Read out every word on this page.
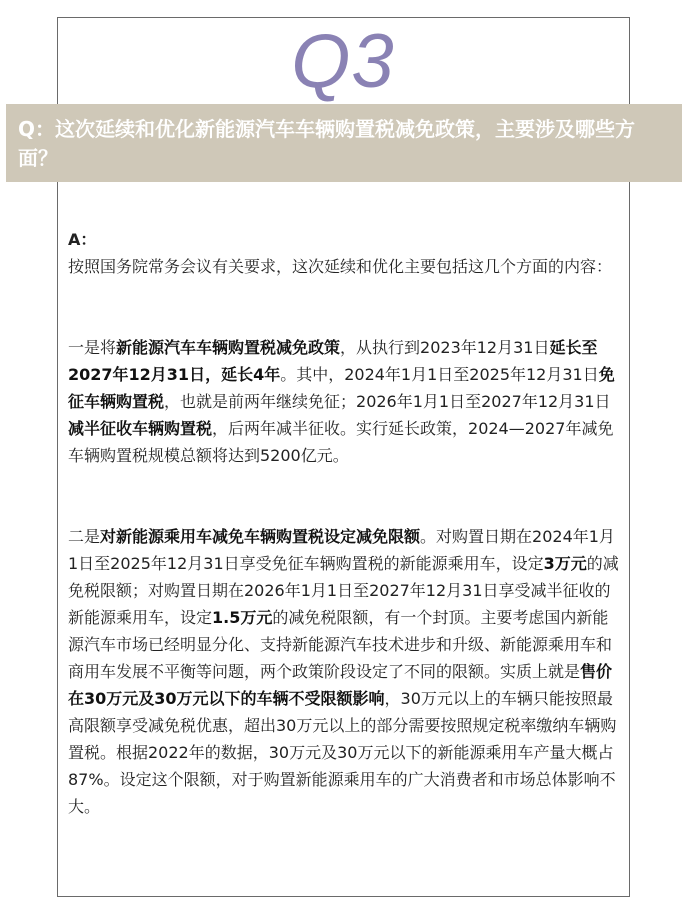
Q3
Q：这次延续和优化新能源汽车车辆购置税减免政策，主要涉及哪些方面？

A：

按照国务院常务会议有关要求，这次延续和优化主要包括这几个方面的内容：

一是将新能源汽车车辆购置税减免政策，从执行到2023年12月31日延长至2027年12月31日，延长4年。其中，2024年1月1日至2025年12月31日免征车辆购置税，也就是前两年继续免征；2026年1月1日至2027年12月31日减半征收车辆购置税，后两年减半征收。实行延长政策，2024—2027年减免车辆购置税规模总额将达到5200亿元。

二是对新能源乘用车减免车辆购置税设定减免限额。对购置日期在2024年1月1日至2025年12月31日享受免征车辆购置税的新能源乘用车，设定3万元的减免税限额；对购置日期在2026年1月1日至2027年12月31日享受减半征收的新能源乘用车，设定1.5万元的减免税限额，有一个封顶。主要考虑国内新能源汽车市场已经明显分化、支持新能源汽车技术进步和升级、新能源乘用车和商用车发展不平衡等问题，两个政策阶段设定了不同的限额。实质上就是售价在30万元及30万元以下的车辆不受限额影响，30万元以上的车辆只能按照最高限额享受减免税优惠，超出30万元以上的部分需要按照规定税率缴纳车辆购置税。根据2022年的数据，30万元及30万元以下的新能源乘用车产量大概占87%。设定这个限额，对于购置新能源乘用车的广大消费者和市场总体影响不大。
